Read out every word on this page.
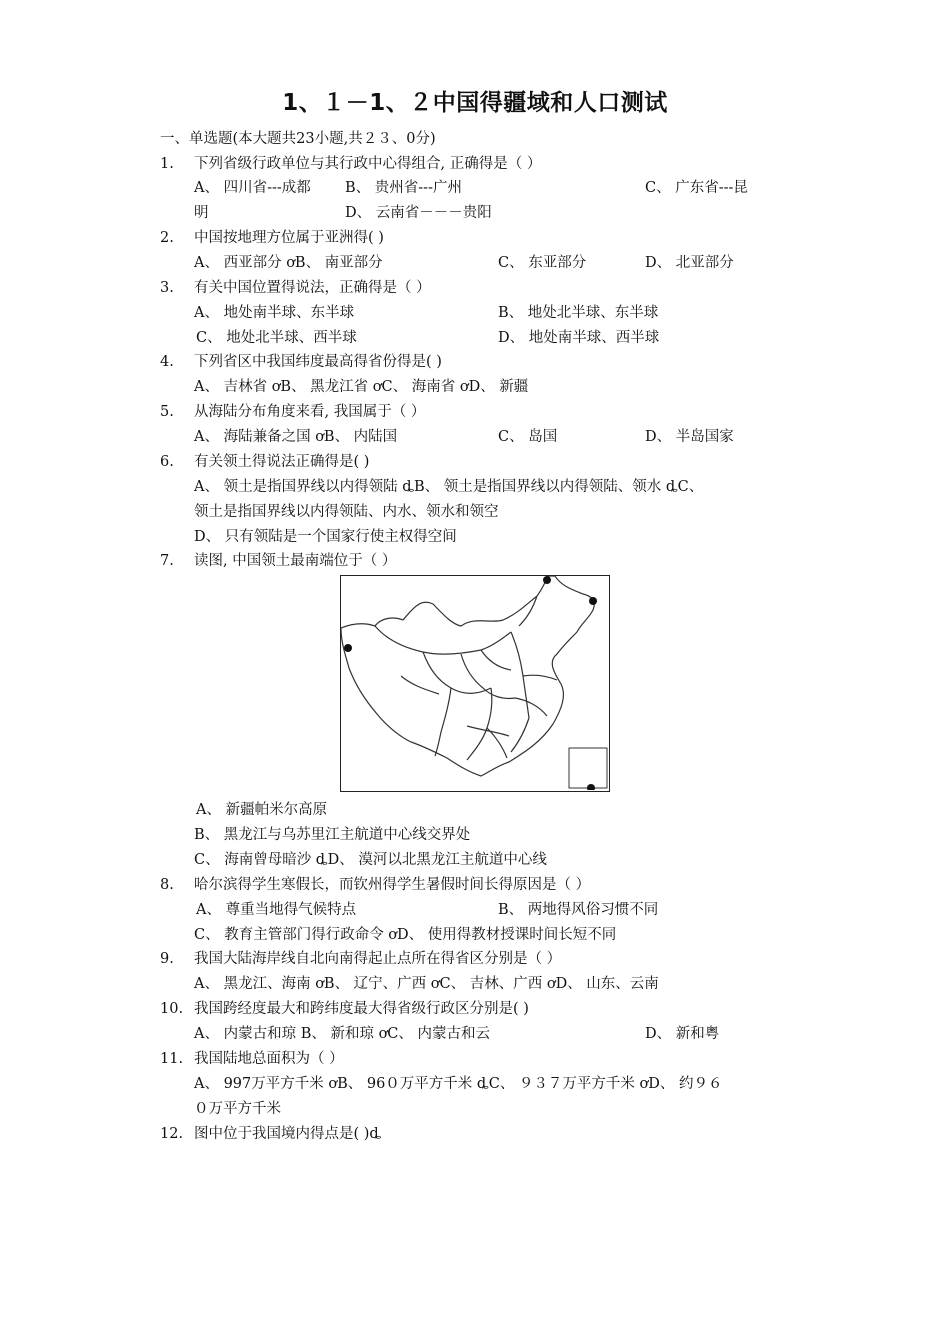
1、１－1、２中国得疆域和人口测试
一、单选题(本大题共23小题,共２３、0分)
1.	下列省级行政单位与其行政中心得组合, 正确得是（ ）
A、 四川省---成都 B、 贵州省---广州	C、 广东省---昆
明	D、 云南省－－－贵阳
2.	中国按地理方位属于亚洲得( )
A、 西亚部分 ơB、 南亚部分	C、 东亚部分	D、 北亚部分
3.	有关中国位置得说法，正确得是（ ）
A、 地处南半球、东半球	B、 地处北半球、东半球
C、 地处北半球、西半球	D、 地处南半球、西半球
4.	下列省区中我国纬度最高得省份得是( )
A、 吉林省 ơB、 黑龙江省 ơC、 海南省 ơD、 新疆
5.	从海陆分布角度来看, 我国属于（ ）
A、 海陆兼备之国 ơB、 内陆国	C、 岛国	D、 半岛国家
6.	有关领土得说法正确得是( )
A、 领土是指国界线以内得领陆 ȡB、 领土是指国界线以内得领陆、领水 ȡC、
领土是指国界线以内得领陆、内水、领水和领空
D、 只有领陆是一个国家行使主权得空间
7.	读图, 中国领土最南端位于（ ）
A、 新疆帕米尔高原
B、 黑龙江与乌苏里江主航道中心线交界处
C、 海南曾母暗沙 ȡD、 漠河以北黑龙江主航道中心线
8.	哈尔滨得学生寒假长，而钦州得学生暑假时间长得原因是（ ）
A、 尊重当地得气候特点	B、 两地得风俗习惯不同
C、 教育主管部门得行政命令 ơD、 使用得教材授课时间长短不同
9.	我国大陆海岸线自北向南得起止点所在得省区分别是（ ）
A、 黑龙江、海南 ơB、 辽宁、广西 ơC、 吉林、广西 ơD、 山东、云南
10. 我国跨经度最大和跨纬度最大得省级行政区分别是( )
A、 内蒙古和琼 B、 新和琼 ơC、 内蒙古和云	D、 新和粤
11. 我国陆地总面积为（ ）
A、 997万平方千米 ơB、 96０万平方千米 ȡC、 ９３７万平方千米 ơD、 约９６
０万平方千米
12. 图中位于我国境内得点是( )ȡ
